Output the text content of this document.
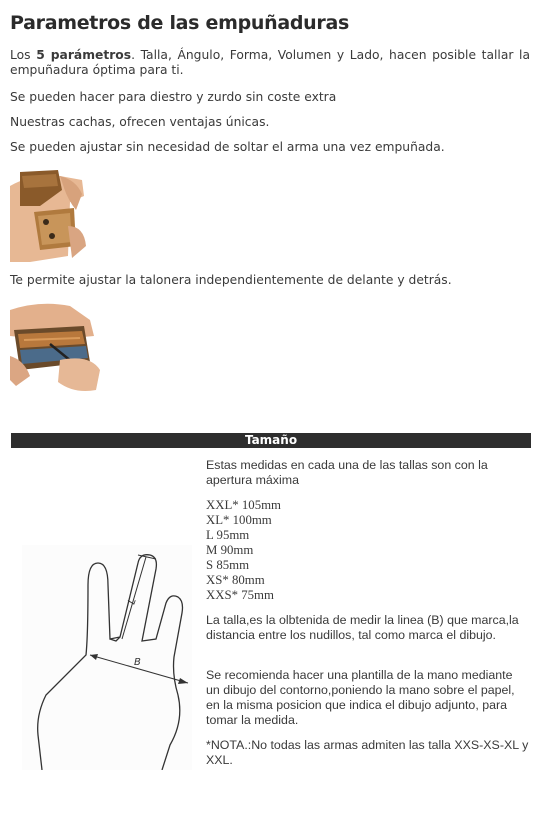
Parametros de las empuñaduras
Los 5 parámetros. Talla, Ángulo, Forma, Volumen y Lado, hacen posible tallar la empuñadura óptima para ti.
Se pueden hacer para diestro y zurdo sin coste extra
Nuestras cachas, ofrecen ventajas únicas.
Se pueden ajustar sin necesidad de soltar el arma una vez empuñada.
Te permite ajustar la talonera independientemente de delante y detrás.
Tamaño
L
B
Estas medidas en cada una de las tallas son con la apertura máxima
XXL* 105mm
XL* 100mm
L 95mm
M 90mm
S 85mm
XS* 80mm
XXS* 75mm
La talla,es la olbtenida de medir la linea (B) que marca,la distancia entre los nudillos, tal como marca el dibujo.
Se recomienda hacer una plantilla de la mano mediante un dibujo del contorno,poniendo la mano sobre el papel, en la misma posicion que indica el dibujo adjunto, para tomar la medida.
*NOTA.:No todas las armas admiten las talla XXS-XS-XL y XXL.
